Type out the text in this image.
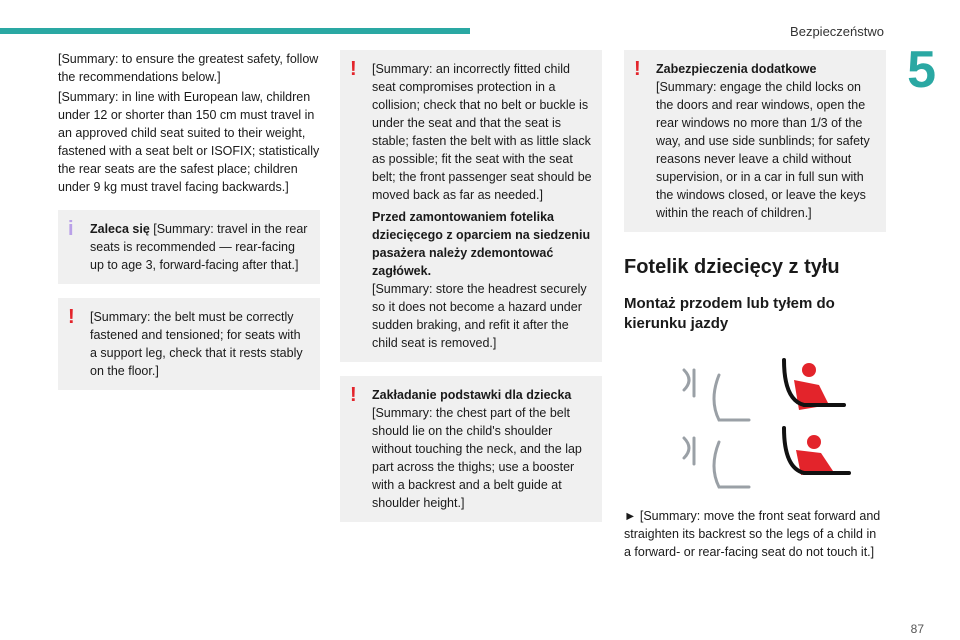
Bezpieczeństwo
5
87

[Summary: to ensure the greatest safety, follow the recommendations below.]

[Summary: in line with European law, children under 12 or shorter than 150 cm must travel in an approved child seat suited to their weight, fastened with a seat belt or ISOFIX; statistically the rear seats are the safest place; children under 9 kg must travel facing backwards.]

i	Zaleca się [Summary: travel in the rear seats is recommended — rear-facing up to age 3, forward-facing after that.]
!	[Summary: the belt must be correctly fastened and tensioned; for seats with a support leg, check that it rests stably on the floor.]
!	[Summary: an incorrectly fitted child seat compromises protection in a collision; check that no belt or buckle is under the seat and that the seat is stable; fasten the belt with as little slack as possible; fit the seat with the seat belt; the front passenger seat should be moved back as far as needed.]

Przed zamontowaniem fotelika dziecięcego z oparciem na siedzeniu pasażera należy zdemontować zagłówek.

[Summary: store the headrest securely so it does not become a hazard under sudden braking, and refit it after the child seat is removed.]
!	Zakładanie podstawki dla dziecka

[Summary: the chest part of the belt should lie on the child's shoulder without touching the neck, and the lap part across the thighs; use a booster with a backrest and a belt guide at shoulder height.]
!	Zabezpieczenia dodatkowe

[Summary: engage the child locks on the doors and rear windows, open the rear windows no more than 1/3 of the way, and use side sunblinds; for safety reasons never leave a child without supervision, or in a car in full sun with the windows closed, or leave the keys within the reach of children.]
Fotelik dziecięcy z tyłu
Montaż przodem lub tyłem do kierunku jazdy

► [Summary: move the front seat forward and straighten its backrest so the legs of a child in a forward- or rear-facing seat do not touch it.]
